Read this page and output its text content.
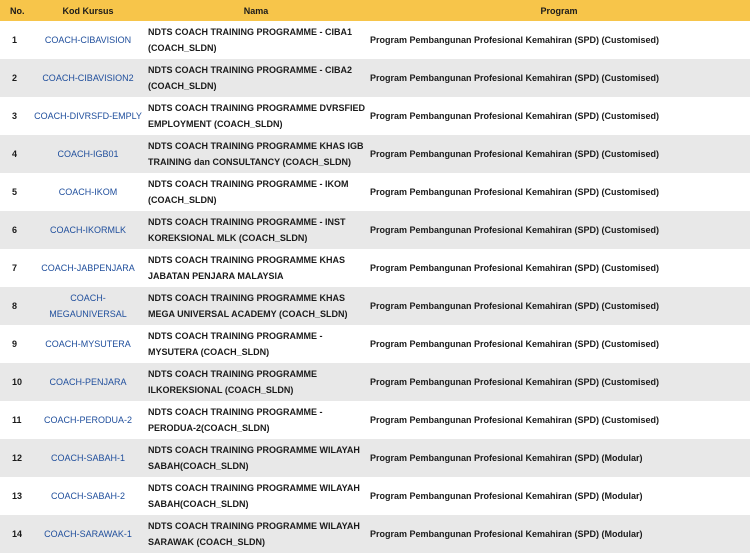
No.	Kod Kursus	Nama	Program
1	COACH-CIBAVISION	NDTS COACH TRAINING PROGRAMME - CIBA1 (COACH_SLDN)	Program Pembangunan Profesional Kemahiran (SPD) (Customised)
2	COACH-CIBAVISION2	NDTS COACH TRAINING PROGRAMME - CIBA2 (COACH_SLDN)	Program Pembangunan Profesional Kemahiran (SPD) (Customised)
3	COACH-DIVRSFD-EMPLY	NDTS COACH TRAINING PROGRAMME DVRSFIED EMPLOYMENT (COACH_SLDN)	Program Pembangunan Profesional Kemahiran (SPD) (Customised)
4	COACH-IGB01	NDTS COACH TRAINING PROGRAMME KHAS IGB TRAINING dan CONSULTANCY (COACH_SLDN)	Program Pembangunan Profesional Kemahiran (SPD) (Customised)
5	COACH-IKOM	NDTS COACH TRAINING PROGRAMME - IKOM (COACH_SLDN)	Program Pembangunan Profesional Kemahiran (SPD) (Customised)
6	COACH-IKORMLK	NDTS COACH TRAINING PROGRAMME - INST KOREKSIONAL MLK (COACH_SLDN)	Program Pembangunan Profesional Kemahiran (SPD) (Customised)
7	COACH-JABPENJARA	NDTS COACH TRAINING PROGRAMME KHAS JABATAN PENJARA MALAYSIA	Program Pembangunan Profesional Kemahiran (SPD) (Customised)
8	COACH-MEGAUNIVERSAL	NDTS COACH TRAINING PROGRAMME KHAS MEGA UNIVERSAL ACADEMY (COACH_SLDN)	Program Pembangunan Profesional Kemahiran (SPD) (Customised)
9	COACH-MYSUTERA	NDTS COACH TRAINING PROGRAMME - MYSUTERA (COACH_SLDN)	Program Pembangunan Profesional Kemahiran (SPD) (Customised)
10	COACH-PENJARA	NDTS COACH TRAINING PROGRAMME ILKOREKSIONAL (COACH_SLDN)	Program Pembangunan Profesional Kemahiran (SPD) (Customised)
11	COACH-PERODUA-2	NDTS COACH TRAINING PROGRAMME - PERODUA-2(COACH_SLDN)	Program Pembangunan Profesional Kemahiran (SPD) (Customised)
12	COACH-SABAH-1	NDTS COACH TRAINING PROGRAMME WILAYAH SABAH(COACH_SLDN)	Program Pembangunan Profesional Kemahiran (SPD) (Modular)
13	COACH-SABAH-2	NDTS COACH TRAINING PROGRAMME WILAYAH SABAH(COACH_SLDN)	Program Pembangunan Profesional Kemahiran (SPD) (Modular)
14	COACH-SARAWAK-1	NDTS COACH TRAINING PROGRAMME WILAYAH SARAWAK (COACH_SLDN)	Program Pembangunan Profesional Kemahiran (SPD) (Modular)
